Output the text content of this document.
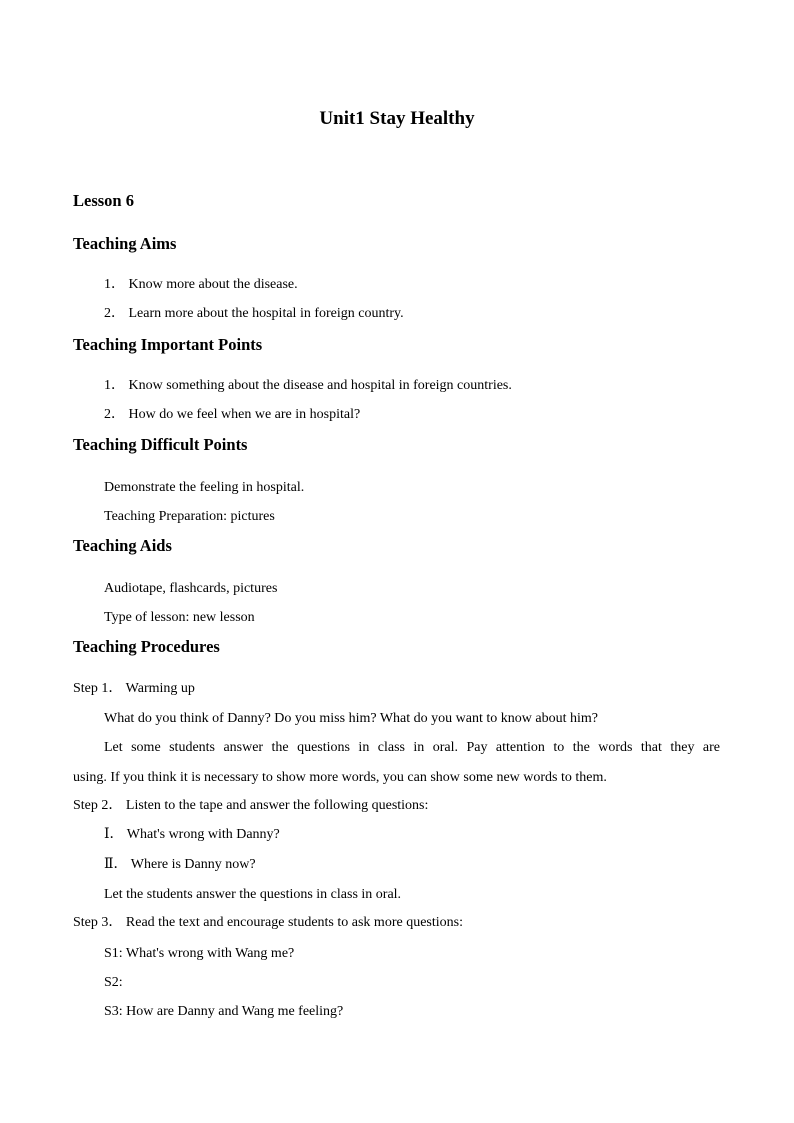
Unit1 Stay Healthy
Lesson 6
Teaching Aims
1． Know more about the disease.
2． Learn more about the hospital in foreign country.
Teaching Important Points
1． Know something about the disease and hospital in foreign countries.
2． How do we feel when we are in hospital?
Teaching Difficult Points
Demonstrate the feeling in hospital.
Teaching Preparation: pictures
Teaching Aids
Audiotape, flashcards, pictures
Type of lesson: new lesson
Teaching Procedures
Step 1． Warming up
What do you think of Danny? Do you miss him? What do you want to know about him?
Let some students answer the questions in class in oral. Pay attention to the words that they are
using. If you think it is necessary to show more words, you can show some new words to them.
Step 2． Listen to the tape and answer the following questions:
Ⅰ． What's wrong with Danny?
Ⅱ． Where is Danny now?
Let the students answer the questions in class in oral.
Step 3． Read the text and encourage students to ask more questions:
S1: What's wrong with Wang me?
S2:
S3: How are Danny and Wang me feeling?
